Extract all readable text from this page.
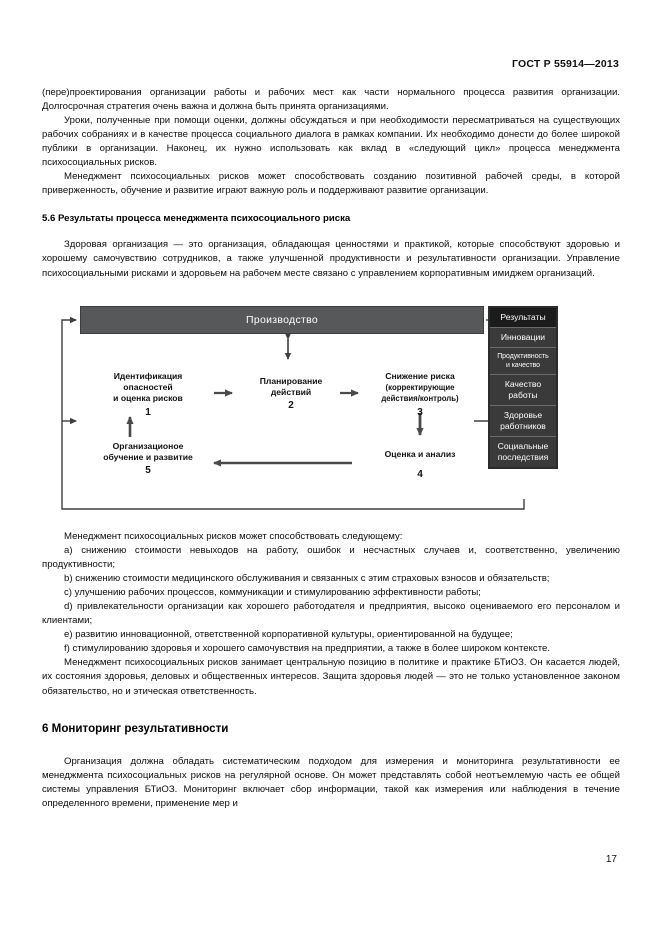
ГОСТ Р 55914—2013

(пере)проектирования организации работы и рабочих мест как части нормального процесса развития организации. Долгосрочная стратегия очень важна и должна быть принята организациями.

Уроки, полученные при помощи оценки, должны обсуждаться и при необходимости пересматриваться на существующих рабочих собраниях и в качестве процесса социального диалога в рамках компании. Их необходимо донести до более широкой публики в организации. Наконец, их нужно использовать как вклад в «следующий цикл» процесса менеджмента психосоциальных рисков.

Менеджмент психосоциальных рисков может способствовать созданию позитивной рабочей среды, в которой приверженность, обучение и развитие играют важную роль и поддерживают развитие организации.

5.6 Результаты процесса менеджмента психосоциального риска

Здоровая организация — это организация, обладающая ценностями и практикой, которые способствуют здоровью и хорошему самочувствию сотрудников, а также улучшенной продуктивности и результативности организации. Управление психосоциальными рисками и здоровьем на рабочем месте связано с управлением корпоративным имиджем организаций.

Производство
Идентификация
опасностей
и оценка рисков
1
Планирование
действий
2
Снижение риска
(корректирующие
действия/контроль)
3
Оценка и анализ
4
Организационое
обучение и развитие
5
Результаты
Инновации
Продуктивность
и качество
Качество
работы
Здоровье
работников
Социальные
последствия

Менеджмент психосоциальных рисков может способствовать следующему:

a) снижению стоимости невыходов на работу, ошибок и несчастных случаев и, соответственно, увеличению продуктивности;

b) снижению стоимости медицинского обслуживания и связанных с этим страховых взносов и обязательств;

c) улучшению рабочих процессов, коммуникации и стимулированию эффективности работы;

d) привлекательности организации как хорошего работодателя и предприятия, высоко оцениваемого его персоналом и клиентами;

e) развитию инновационной, ответственной корпоративной культуры, ориентированной на будущее;

f) стимулированию здоровья и хорошего самочувствия на предприятии, а также в более широком контексте.

Менеджмент психосоциальных рисков занимает центральную позицию в политике и практике БТиОЗ. Он касается людей, их состояния здоровья, деловых и общественных интересов. Защита здоровья людей — это не только установленное законом обязательство, но и этическая ответственность.

6 Мониторинг результативности

Организация должна обладать систематическим подходом для измерения и мониторинга результативности ее менеджмента психосоциальных рисков на регулярной основе. Он может представлять собой неотъемлемую часть ее общей системы управления БТиОЗ. Мониторинг включает сбор информации, такой как измерения или наблюдения в течение определенного времени, применение мер и

17
